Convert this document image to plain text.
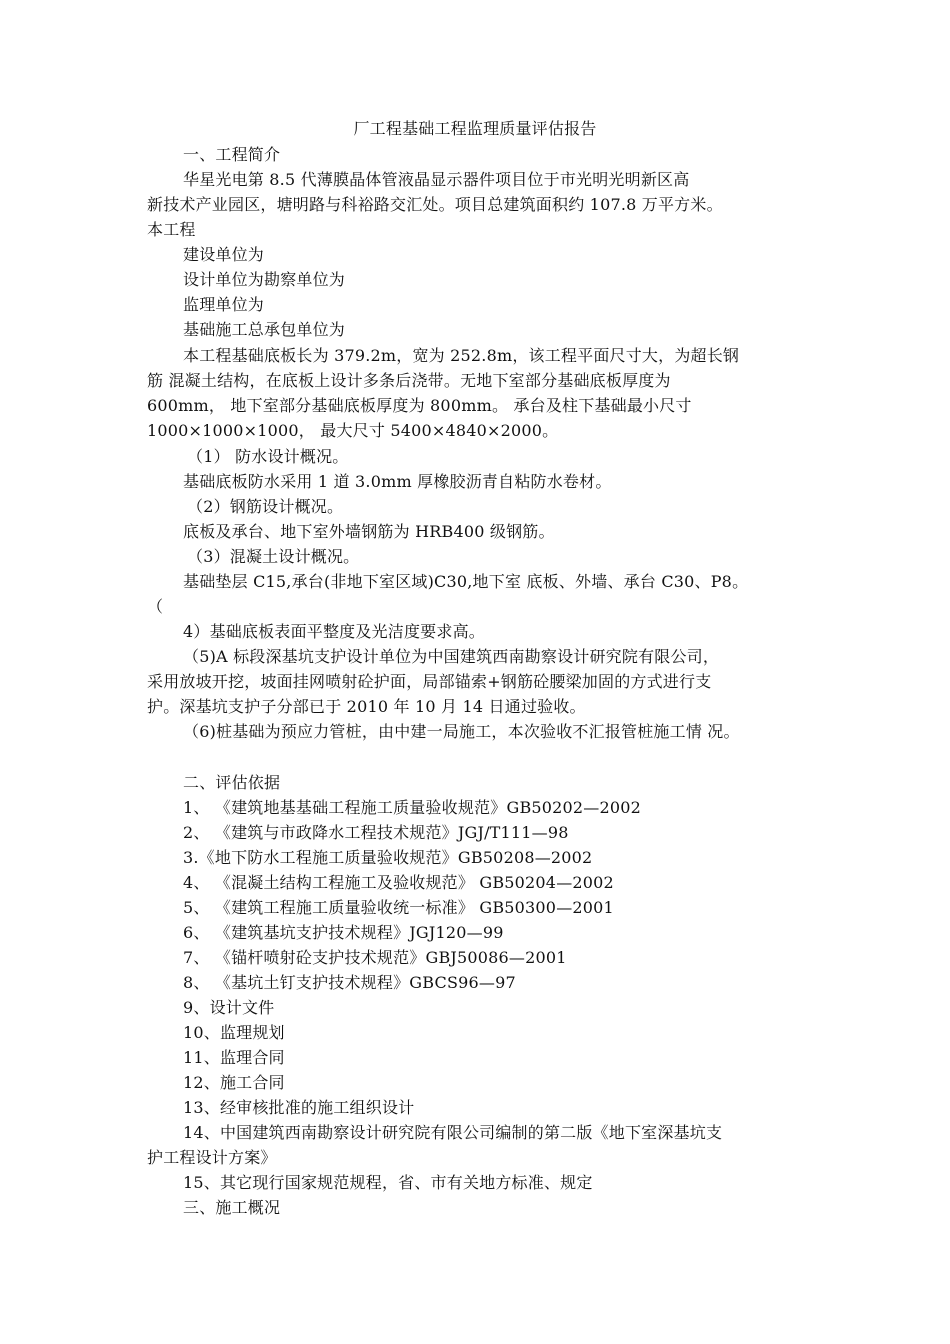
厂工程基础工程监理质量评估报告
一、工程简介
华星光电第 8.5 代薄膜晶体管液晶显示器件项目位于市光明光明新区高
新技术产业园区，塘明路与科裕路交汇处。项目总建筑面积约 107.8 万平方米。
本工程
建设单位为
设计单位为勘察单位为
监理单位为
基础施工总承包单位为
本工程基础底板长为 379.2m，宽为 252.8m，该工程平面尺寸大，为超长钢
筋 混凝土结构，在底板上设计多条后浇带。无地下室部分基础底板厚度为
600mm， 地下室部分基础底板厚度为 800mm。 承台及柱下基础最小尺寸
1000×1000×1000， 最大尺寸 5400×4840×2000。
（1） 防水设计概况。
基础底板防水采用 1 道 3.0mm 厚橡胶沥青自粘防水卷材。
（2）钢筋设计概况。
底板及承台、地下室外墙钢筋为 HRB400 级钢筋。
（3）混凝土设计概况。
基础垫层 C15,承台(非地下室区域)C30,地下室 底板、外墙、承台 C30、P8。
（
4）基础底板表面平整度及光洁度要求高。
（5)A 标段深基坑支护设计单位为中国建筑西南勘察设计研究院有限公司，
采用放坡开挖，坡面挂网喷射砼护面，局部锚索+钢筋砼腰梁加固的方式进行支
护。深基坑支护子分部已于 2010 年 10 月 14 日通过验收。
（6)桩基础为预应力管桩，由中建一局施工，本次验收不汇报管桩施工情 况。
二、评估依据
1、 《建筑地基基础工程施工质量验收规范》GB50202—2002
2、 《建筑与市政降水工程技术规范》JGJ/T111—98
3.《地下防水工程施工质量验收规范》GB50208—2002
4、 《混凝土结构工程施工及验收规范》 GB50204—2002
5、 《建筑工程施工质量验收统一标准》 GB50300—2001
6、 《建筑基坑支护技术规程》JGJ120—99
7、 《锚杆喷射砼支护技术规范》GBJ50086—2001
8、 《基坑土钉支护技术规程》GBCS96—97
9、设计文件
10、监理规划
11、监理合同
12、施工合同
13、经审核批准的施工组织设计
14、中国建筑西南勘察设计研究院有限公司编制的第二版《地下室深基坑支
护工程设计方案》
15、其它现行国家规范规程，省、市有关地方标准、规定
三、施工概况
